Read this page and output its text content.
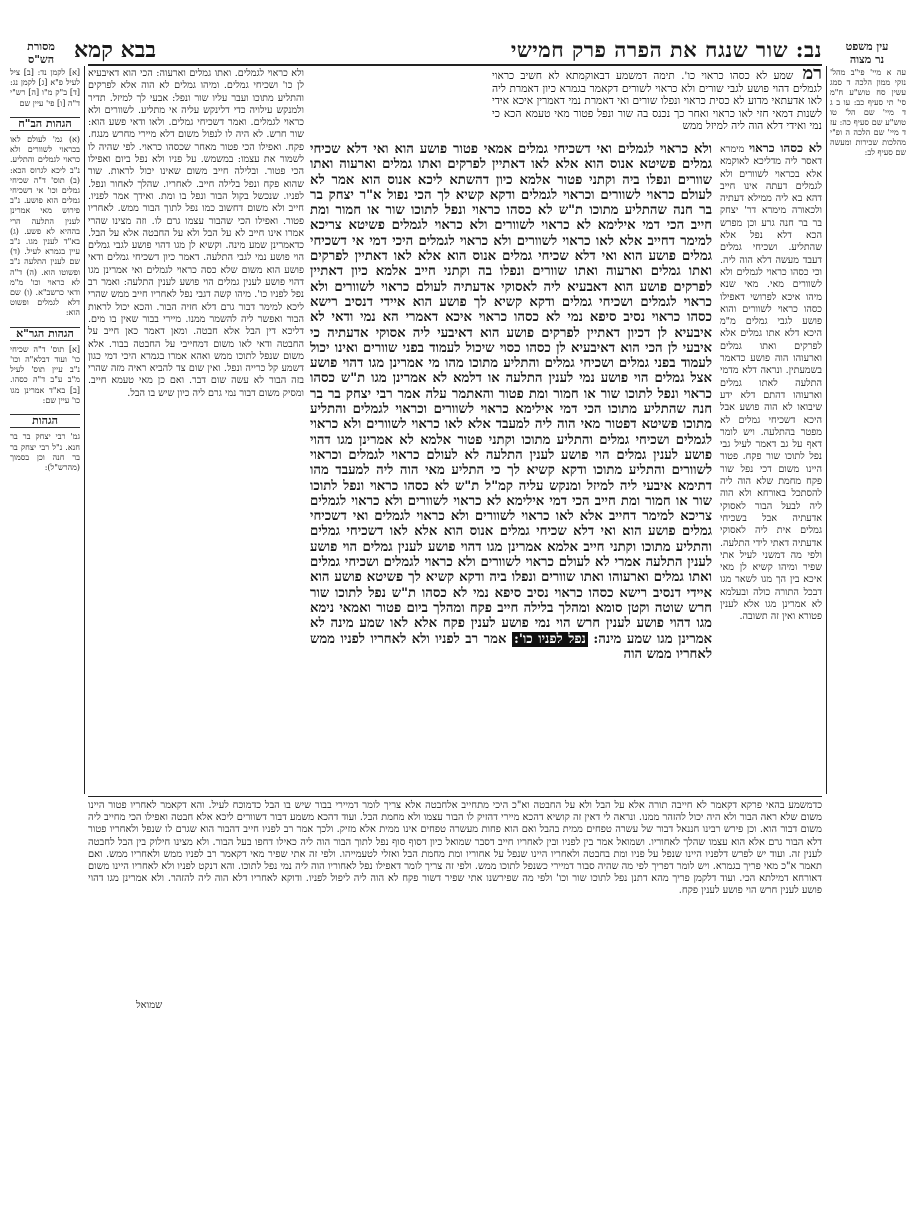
נב: שור שנגח את הפרה פרק חמישי
בבא קמא	עין משפט
נר מצוה
מסורת
הש"ס
עה א מיי' פי"ב מהל' נזקי ממון הלכה ד סמג עשין סח טוש"ע ח"מ סי' תי סעיף כב: עו ב ג ד מיי' שם הל' טו טוש"ע שם סעיף כה: עז ד מיי' שם הלכה ה ופ"י מהלכות שכירות ומעשה שם סעיף לב:
רמ שמע לא כסהו כראוי כו'. תימה דמשמע דבאוקמתא לא חשיב כראוי לגמלים דהוי פושע לגבי שורים ולא כראוי לשורים דקאמר בגמרא כיון דאמרת ליה לאו אדעתאי מדוע לא כסית כראוי ונפלו שורים ואי דאמרת נמי דאמרין איכא אידי לשנות דמאי חזי לאו כראוי ואחר כך נכנס בה שור ונפל פטור מאי טעמא הכא כי נמי ואידי דלא הוה ליה למיזל ממש
לא כסהו כראוי מימרא דאסר ליה מדליכא לאוקמא אלא בכראוי לשוורים ולא לגמלים דעתה אינו חייב דהא בא ליה ממילא דעתיה ולכאורה מימרא דר' יצחק בר בר חנה גרע וכן מפרש הכא דלא נפל אלא שהתליע. ושכיחי גמלים דעבד מעשה דלא הוה ליה. וכי כסהו כראוי לגמלים ולא לשוורים מאי. מאי שנא מיהו איכא לפרושי דאפילו כסהו כראוי לשוורים והוא פושע לגבי גמלים מ"מ היכא דלא אתו גמלים אלא לפרקים ואתו גמלים וארעוהו הוה פושע כדאמר בשמעתין. ונראה דלא מדמי התלעה לאתו גמלים וארעוהו דהתם דלא ידע שיבואו לא הוה פושע אבל היכא דשכיחי גמלים לא מפטר בהתלעה. ויש לומר דאף על גב דאמר לעיל גבי נפל לתוכו שור פקח. פטור היינו משום דכי נפל שור פקח מחמת שלא הוה ליה להסתכל באורחא ולא הוה ליה לבעל הבור לאסוקי אדעתיה אבל בשכיחי גמלים אית ליה לאסוקי אדעתיה דאתי לידי התלעה. ולפי מה דמשני לעיל אתי שפיר ומיהו קשיא לן מאי איכא בין הך מגו לשאר מגו דבכל התורה כולה ובעלמא לא אמרינן מגו אלא לענין פטורא ואין זה תשובה.
ולא כראוי לגמלים ואי דשכיחי גמלים אמאי פטור פושע הוא ואי דלא שכיחי גמלים פשיטא אנוס הוא אלא לאו דאתיין לפרקים ואתו גמלים וארעוה ואתו שוורים ונפלו ביה וקתני פטור אלמא כיון דהשתא ליכא אנוס הוא אמר לא לעולם כראוי לשוורים וכראוי לגמלים ודקא קשיא לך הכי נפול א"ר יצחק בר בר חנה שהתליע מתוכו ת"ש לא כסהו כראוי ונפל לתוכו שור או חמור ומת חייב הכי דמי אילימא לא כראוי לשוורים ולא כראוי לגמלים פשיטא צריכא למימר דחייב אלא לאו כראוי לשוורים ולא כראוי לגמלים היכי דמי אי דשכיחי גמלים פושע הוא ואי דלא שכיחי גמלים אנוס הוא אלא לאו דאתיין לפרקים ואתו גמלים וארעוה ואתו שוורים ונפלו בה וקתני חייב אלמא כיון דאתיין לפרקים פושע הוא דאבעיא ליה לאסוקי אדעתיה לעולם כראוי לשוורים ולא כראוי לגמלים ושכיחי גמלים ודקא קשיא לך פושע הוא איידי דנסיב רישא כסהו כראוי נסיב סיפא נמי לא כסהו כראוי איכא דאמרי הא נמי ודאי לא איבעיא לן דכיון דאתיין לפרקים פושע הוא דאיבעי ליה אסוקי אדעתיה כי איבעי לן הכי הוא דאיבעיא לן כסהו כסוי שיכול לעמוד בפני שוורים ואינו יכול לעמוד בפני גמלים ושכיחי גמלים והתליע מתוכו מהו מי אמרינן מגו דהוי פושע אצל גמלים הוי פושע נמי לענין התלעה או דלמא לא אמרינן מגו ת"ש כסהו כראוי ונפל לתוכו שור או חמור ומת פטור והאתמר עלה אמר רבי יצחק בר בר חנה שהתליע מתוכו הכי דמי אילימא כראוי לשוורים וכראוי לגמלים והתליע מתוכו פשיטא דפטור מאי הוה ליה למעבד אלא לאו כראוי לשוורים ולא כראוי לגמלים ושכיחי גמלים והתליע מתוכו וקתני פטור אלמא לא אמרינן מגו דהוי פושע לענין גמלים הוי פושע לענין התלעה לא לעולם כראוי לגמלים וכראוי לשוורים והתליע מתוכו ודקא קשיא לך כי התליע מאי הוה ליה למעבד מהו דתימא איבעי ליה למיזל ומנקש עליה קמ"ל ת"ש לא כסהו כראוי ונפל לתוכו שור או חמור ומת חייב הכי דמי אילימא לא כראוי לשוורים ולא כראוי לגמלים צריכא למימר דחייב אלא לאו כראוי לשוורים ולא כראוי לגמלים ואי דשכיחי גמלים פושע הוא ואי דלא שכיחי גמלים אנוס הוא אלא לאו דשכיחי גמלים והתליע מתוכו וקתני חייב אלמא אמרינן מגו דהוי פושע לענין גמלים הוי פושע לענין התלעה אמרי לא לעולם כראוי לשוורים ולא כראוי לגמלים ושכיחי גמלים ואתו גמלים וארעוהו ואתו שוורים ונפלו ביה ודקא קשיא לך פשיטא פושע הוא איידי דנסיב רישא כסהו כראוי נסיב סיפא נמי לא כסהו ת"ש נפל לתוכו שור חרש שוטה וקטן סומא ומהלך בלילה חייב פקח ומהלך ביום פטור ואמאי נימא מגו דהוי פושע לענין חרש הוי נמי פושע לענין פקח אלא לאו שמע מינה לא אמרינן מגו שמע מינה: נפל לפניו כו': אמר רב לפניו ולא לאחריו לפניו ממש לאחריו ממש הוה
ולא כראוי לגמלים. ואתו גמלים וארעוה: הכי הוא דאיבעיא לן כו' ושכיחי גמלים. ומיהו גמלים לא הוה אלא לפרקים והתליע מתוכו ועבר עליו שור ונפל: אבעי לך למיזל. תדיר ולמנקש עילויה כדי דלינקש עליה אי מתליע. לשוורים ולא כראוי לגמלים. ואמר דשכיחי גמלים. ולאו ודאי פשע הוא: שור חרש. לא היה לו לנפול משום דלא מיירי מחרש מנגח. פקח. ואפילו הכי פטור מאחר שכסהו כראוי. לפי שהיה לו לשמור את עצמו: במשמש. על פניו ולא נפל ביום ואפילו הכי פטור. ובלילה חייב משום שאינו יכול לראות. שור שהוא פקח ונפל בלילה חייב. לאחריו. שהלך לאחור ונפל. לפניו. שנכשל בקול הבור ונפל בו ומת. ואידך אמר לפניו. חייב ולא משום דחשוב כמו נפל לתוך הבור ממש. לאחריו פטור. ואפילו הכי שהבור עצמו גרם לו. וזה מצינו שהרי אמרו אינו חייב לא על הבל ולא על החבטה אלא על הבל. כדאמרינן שמע מינה. וקשיא לן מגו דהוי פושע לגבי גמלים הוי פושע נמי לגבי התלעה. דאמר כיון דשכיחי גמלים ודאי פושע הוא משום שלא כסה כראוי לגמלים ואי אמרינן מגו דהוי פושע לענין גמלים הוי פושע לענין התלעה: ואמר רב נפל לפניו כו'. מיהו קשה דגבי נפל לאחריו חייב ממש שהרי ליכא למימר דבור גרם דלא חזיה הבור. והכא יכול לראות הבור ואפשר ליה להשמר ממנו. מיירי בבור שאין בו מים. דליכא דין הבל אלא חבטה. ומאן דאמר כאן חייב על החבטה ודאי לאו משום דמחייבי על החבטה בבור. אלא משום שנפל לתוכו ממש ואהא אמרו בגמרא היכי דמי כגון דשמע קל כרייה ונפל. ואין שום צד להביא ראיה מזה שהרי בזה הבור לא עשה שום דבר. ואם כן מאי טעמא חייב. ומסיק משום דבור נמי גרם ליה כיון שיש בו הבל.
[א] לקמן נד: [ב] ציל לעיל פ"א [ג] לקמן נג: [ד] ב"ק מ"ו [ה] רש"י ד"ה [ו] פי' עיין שם
הגהות הב"ח
(א) גמ' לעולם לאו בכראוי לשוורים ולא כראוי לגמלים והתליע. נ"ב ליכא לגרוס הכא: (ב) תוס' ד"ה שכיחי גמלים וכו' אי דשכיחי גמלים הוא פושע. נ"ב פירוש מאי אמרינן לענין התלעה הרי בההיא לא פשע. (ג) בא"ד לענין מגו. נ"ב עיין בגמרא לעיל. (ד) שם לענין התלעה נ"ב ופשוטו הוא. (ה) ד"ה לא כראוי וכו' מ"מ ודאי כרשב"א. (ו) שם דלא לגמלים ופשוט הוא:
הגהות הגר"א
[א] תוס' ד"ה שכיחי כו' ועוד דבלא"ה וכו' נ"ב עיין תוס' לעיל מ"ב ע"ב ד"ה כסהו. [ב] בא"ד אמרינן מגו כו' עיין שם:
הגהות
גמ' רבי יצחק בר בר חנא. נ"ל רבי יצחק בר בר חנה וכן בסמוך (מהרש"ל):
כדמשמע בהאי פרקא דקאמר לא חייבה תורה אלא על הבל ולא על החבטה וא"כ היכי מתחייב אלחבטה אלא צריך לומר דמיירי בבור שיש בו הבל כדמוכח לעיל. והא דקאמר לאחריו פטור היינו משום שלא ראה הבור ולא היה יכול להזהר ממנו. ונראה לי דאין זה קושיא דהכא מיירי דהזיק לו הבור עצמו ולא מחמת הבל. ועוד דהכא משמע דבור דשוורים ליכא אלא חבטה ואפילו הכי מחייב ליה משום דבור הוא. וכן פירש רבינו חננאל דבור של עשרה טפחים ממית בהבל ואם הוא פחות מעשרה טפחים אינו ממית אלא מזיק. ולכך אמר רב לפניו חייב דהבור הוא שגרם לו שנפל ולאחריו פטור דלא הבור גרם אלא הוא עצמו שהלך לאחוריו. ושמואל אמר בין לפניו ובין לאחריו חייב דסבר שמואל כיון דסוף סוף נפל לתוך הבור הוה ליה כאילו דחפו בעל הבור. ולא מצינו חילוק בין הבל לחבטה לענין זה. ועוד יש לפרש דלפניו היינו שנפל על פניו ומת בחבטה ולאחריו היינו שנפל על אחוריו ומת מחמת הבל ואזלי לטעמייהו. ולפי זה אתי שפיר מאי דקאמר רב לפניו ממש ולאחריו ממש. ואם תאמר א"כ מאי פריך בגמרא. ויש לומר דפריך לפי מה שהיה סבור דמיירי כשנפל לתוכו ממש. ולפי זה צריך לומר דאפילו נפל לאחוריו הוה ליה נמי נפל לתוכו. והא דנקט לפניו ולא לאחריו היינו משום דאורחא דמילתא הכי. ועוד דלקמן פריך מהא דתנן נפל לתוכו שור וכו' ולפי מה שפירשנו אתי שפיר דשור פקח לא הוה ליה ליפול לפניו. ודוקא לאחריו דלא הוה ליה להזהר. ולא אמרינן מגו דהוי פושע לענין חרש הוי פושע לענין פקח.
שמואל
